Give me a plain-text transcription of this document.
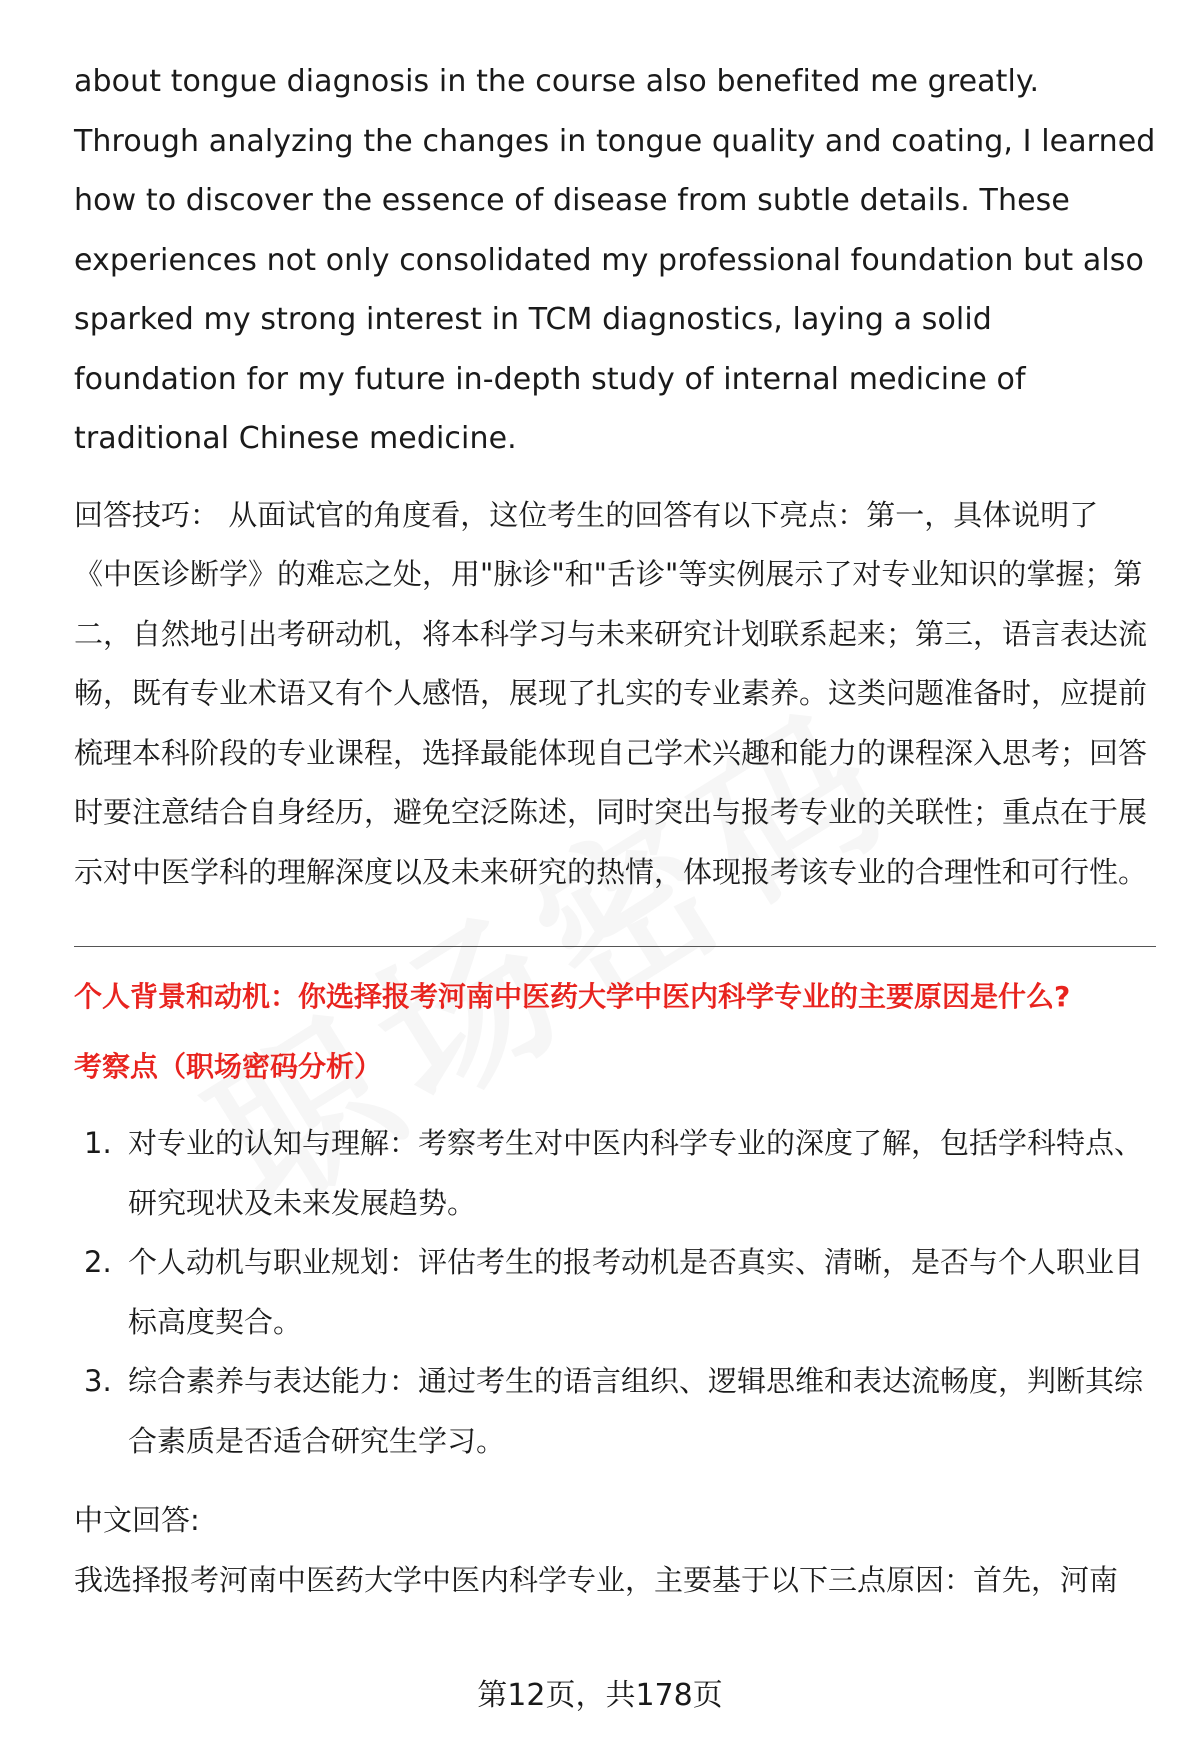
about tongue diagnosis in the course also benefited me greatly. Through analyzing the changes in tongue quality and coating, I learned how to discover the essence of disease from subtle details. These experiences not only consolidated my professional foundation but also sparked my strong interest in TCM diagnostics, laying a solid foundation for my future in-depth study of internal medicine of traditional Chinese medicine.

回答技巧： 从面试官的角度看，这位考生的回答有以下亮点：第一，具体说明了《中医诊断学》的难忘之处，用"脉诊"和"舌诊"等实例展示了对专业知识的掌握；第二，自然地引出考研动机，将本科学习与未来研究计划联系起来；第三，语言表达流畅，既有专业术语又有个人感悟，展现了扎实的专业素养。这类问题准备时，应提前梳理本科阶段的专业课程，选择最能体现自己学术兴趣和能力的课程深入思考；回答时要注意结合自身经历，避免空泛陈述，同时突出与报考专业的关联性；重点在于展示对中医学科的理解深度以及未来研究的热情，体现报考该专业的合理性和可行性。

个人背景和动机：你选择报考河南中医药大学中医内科学专业的主要原因是什么?

考察点（职场密码分析）

1. 对专业的认知与理解：考察考生对中医内科学专业的深度了解，包括学科特点、研究现状及未来发展趋势。
2. 个人动机与职业规划：评估考生的报考动机是否真实、清晰，是否与个人职业目标高度契合。
3. 综合素养与表达能力：通过考生的语言组织、逻辑思维和表达流畅度，判断其综合素质是否适合研究生学习。

中文回答:

我选择报考河南中医药大学中医内科学专业，主要基于以下三点原因：首先，河南

第12页，共178页
